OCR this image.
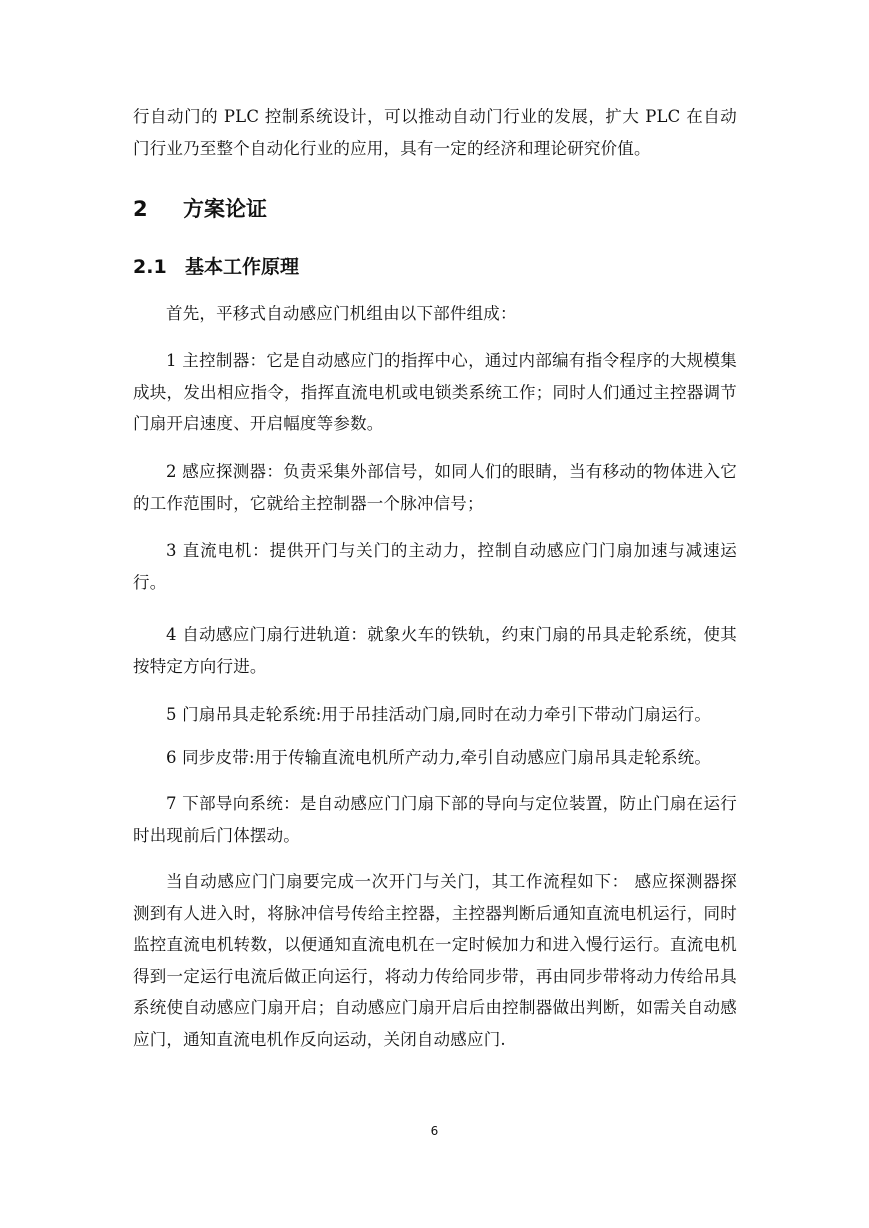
行自动门的 PLC 控制系统设计，可以推动自动门行业的发展，扩大 PLC 在自动门行业乃至整个自动化行业的应用，具有一定的经济和理论研究价值。

2 方案论证
2.1 基本工作原理

首先，平移式自动感应门机组由以下部件组成：

1 主控制器：它是自动感应门的指挥中心，通过内部编有指令程序的大规模集成块，发出相应指令，指挥直流电机或电锁类系统工作；同时人们通过主控器调节门扇开启速度、开启幅度等参数。

2 感应探测器：负责采集外部信号，如同人们的眼睛，当有移动的物体进入它的工作范围时，它就给主控制器一个脉冲信号；

3 直流电机：提供开门与关门的主动力，控制自动感应门门扇加速与减速运行。

4 自动感应门扇行进轨道：就象火车的铁轨，约束门扇的吊具走轮系统，使其按特定方向行进。

5 门扇吊具走轮系统:用于吊挂活动门扇,同时在动力牵引下带动门扇运行。

6 同步皮带:用于传输直流电机所产动力,牵引自动感应门扇吊具走轮系统。

7 下部导向系统：是自动感应门门扇下部的导向与定位装置，防止门扇在运行时出现前后门体摆动。

当自动感应门门扇要完成一次开门与关门，其工作流程如下： 感应探测器探测到有人进入时，将脉冲信号传给主控器，主控器判断后通知直流电机运行，同时监控直流电机转数，以便通知直流电机在一定时候加力和进入慢行运行。直流电机得到一定运行电流后做正向运行，将动力传给同步带，再由同步带将动力传给吊具系统使自动感应门扇开启；自动感应门扇开启后由控制器做出判断，如需关自动感应门，通知直流电机作反向运动，关闭自动感应门.

6
